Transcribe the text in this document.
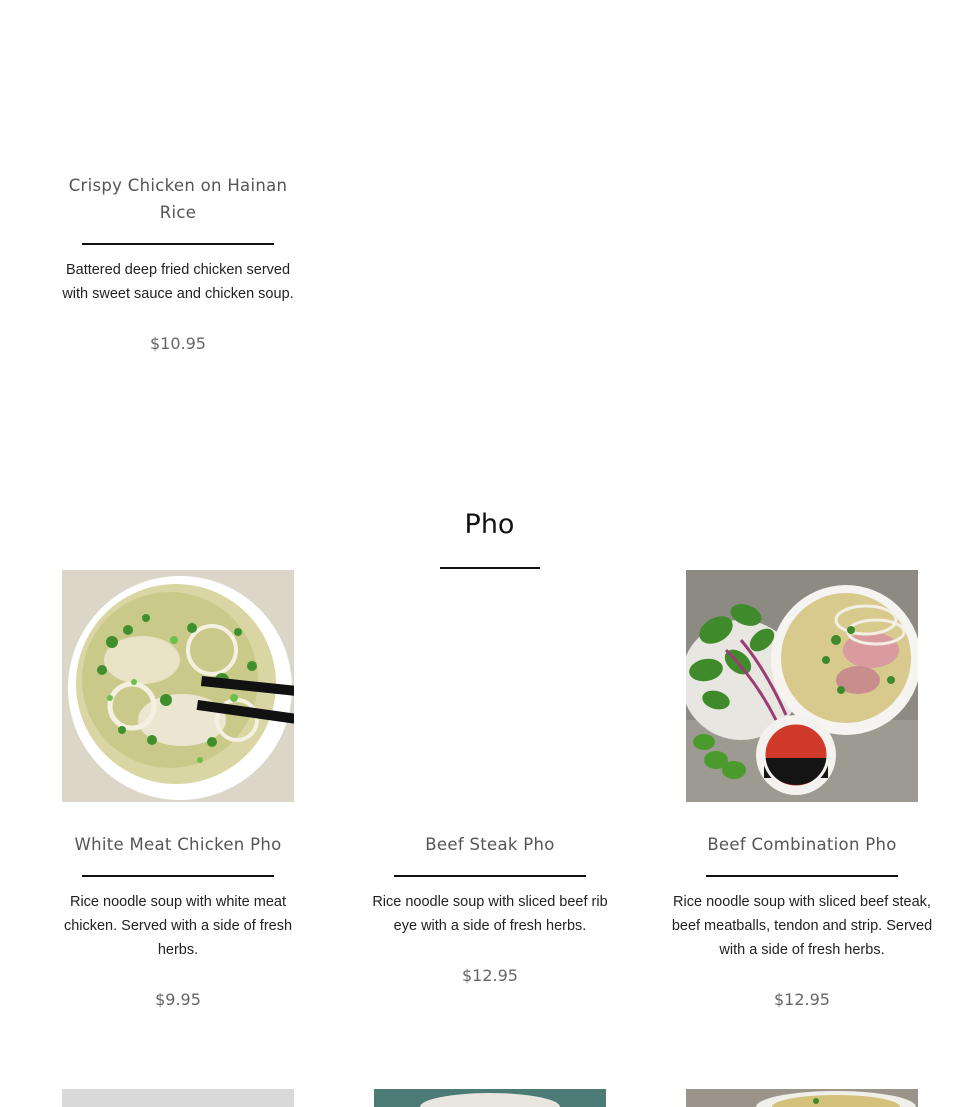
Crispy Chicken on Hainan Rice
Battered deep fried chicken served with sweet sauce and chicken soup.
$10.95
Pho
White Meat Chicken Pho
Rice noodle soup with white meat chicken. Served with a side of fresh herbs.
$9.95
Beef Steak Pho
Rice noodle soup with sliced beef rib eye with a side of fresh herbs.
$12.95
Beef Combination Pho
Rice noodle soup with sliced beef steak, beef meatballs, tendon and strip. Served with a side of fresh herbs.
$12.95
